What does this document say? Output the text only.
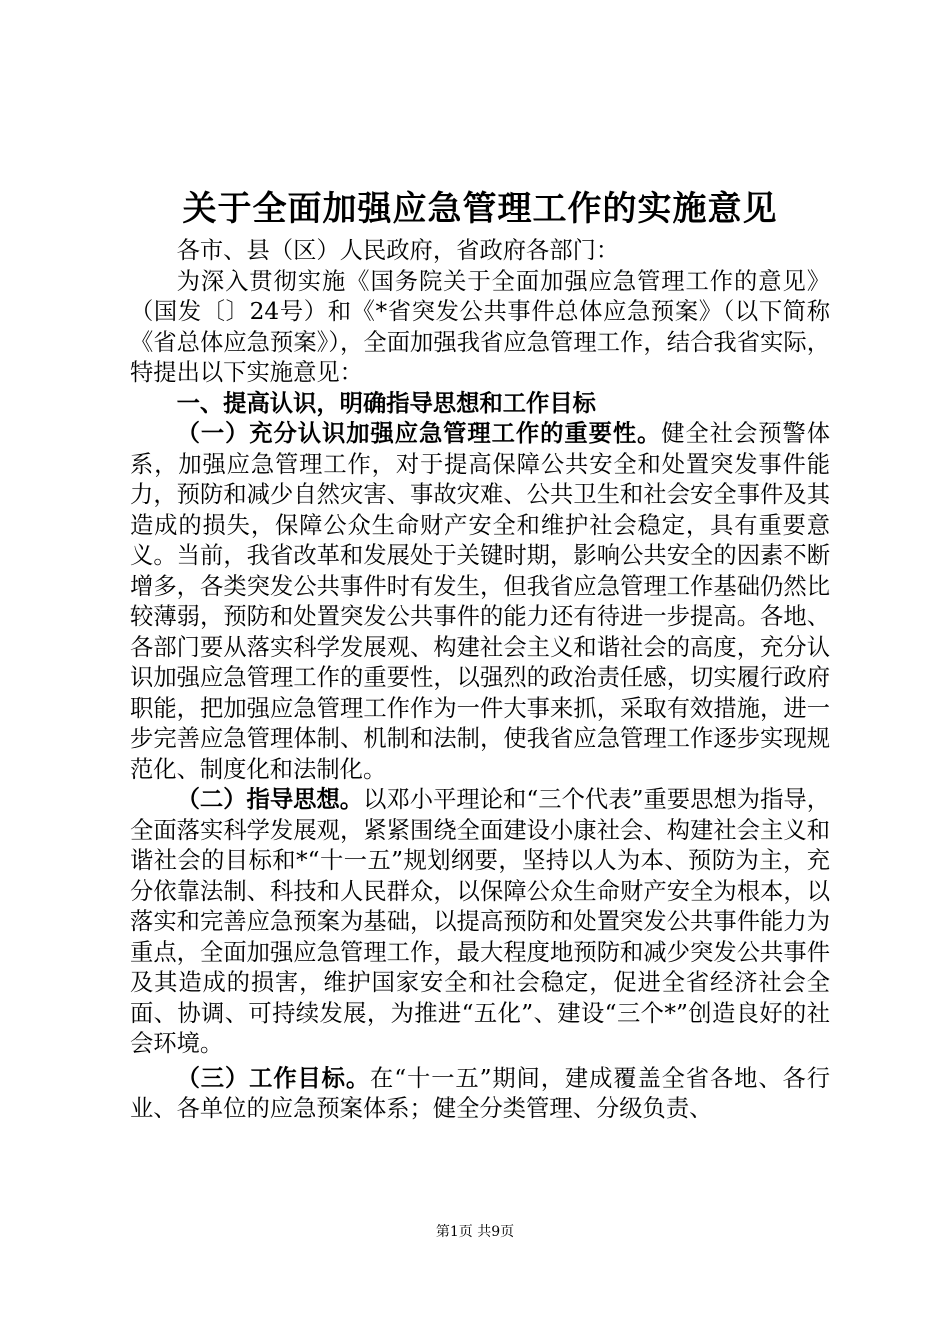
关于全面加强应急管理工作的实施意见

各市、县（区）人民政府，省政府各部门：

为深入贯彻实施《国务院关于全面加强应急管理工作的意见》（国发〔〕24号）和《*省突发公共事件总体应急预案》（以下简称《省总体应急预案》），全面加强我省应急管理工作，结合我省实际，特提出以下实施意见：

一、提高认识，明确指导思想和工作目标

（一）充分认识加强应急管理工作的重要性。健全社会预警体系，加强应急管理工作，对于提高保障公共安全和处置突发事件能力，预防和减少自然灾害、事故灾难、公共卫生和社会安全事件及其造成的损失，保障公众生命财产安全和维护社会稳定，具有重要意义。当前，我省改革和发展处于关键时期，影响公共安全的因素不断增多，各类突发公共事件时有发生，但我省应急管理工作基础仍然比较薄弱，预防和处置突发公共事件的能力还有待进一步提高。各地、各部门要从落实科学发展观、构建社会主义和谐社会的高度，充分认识加强应急管理工作的重要性，以强烈的政治责任感，切实履行政府职能，把加强应急管理工作作为一件大事来抓，采取有效措施，进一步完善应急管理体制、机制和法制，使我省应急管理工作逐步实现规范化、制度化和法制化。

（二）指导思想。以邓小平理论和“三个代表”重要思想为指导，全面落实科学发展观，紧紧围绕全面建设小康社会、构建社会主义和谐社会的目标和*“十一五”规划纲要，坚持以人为本、预防为主，充分依靠法制、科技和人民群众，以保障公众生命财产安全为根本，以落实和完善应急预案为基础，以提高预防和处置突发公共事件能力为重点，全面加强应急管理工作，最大程度地预防和减少突发公共事件及其造成的损害，维护国家安全和社会稳定，促进全省经济社会全面、协调、可持续发展，为推进“五化”、建设“三个*”创造良好的社会环境。

（三）工作目标。在“十一五”期间，建成覆盖全省各地、各行业、各单位的应急预案体系；健全分类管理、分级负责、

第1页 共9页
